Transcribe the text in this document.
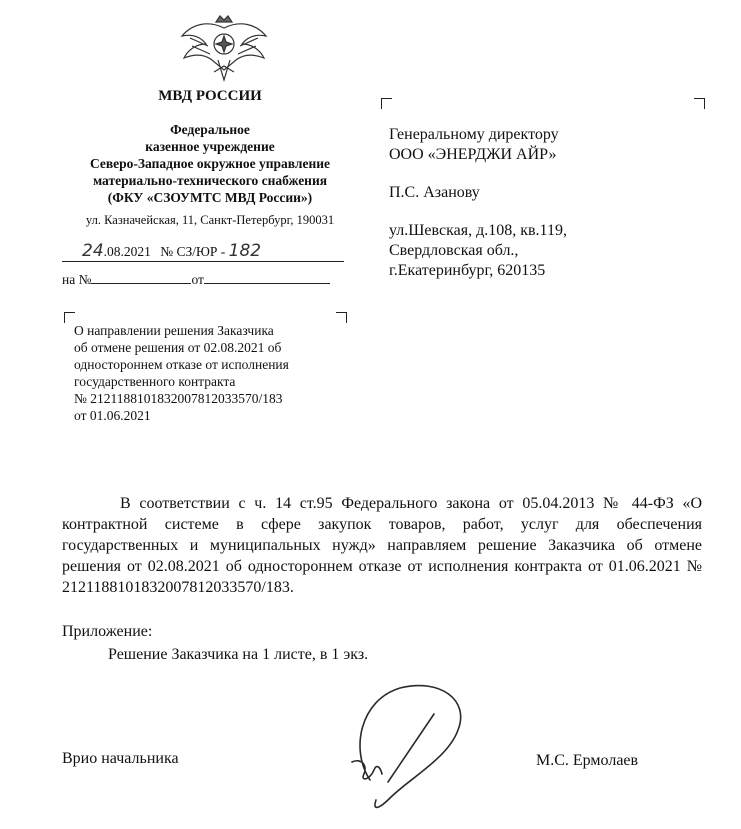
МВД РОССИИ
Федеральное
казенное учреждение
Северо-Западное окружное управление
материально-технического снабжения
(ФКУ «СЗОУМТС МВД России»)
ул. Казначейская, 11, Санкт-Петербург, 190031
24.08.2021 № СЗ/ЮР - 182
на №	от
О направлении решения Заказчика
об отмене решения от 02.08.2021 об
одностороннем отказе от исполнения
государственного контракта
№ 2121188101832007812033570/183
от 01.06.2021
Генеральному директору
ООО «ЭНЕРДЖИ АЙР»
П.С. Азанову
ул.Шевская, д.108, кв.119,
Свердловская обл.,
г.Екатеринбург, 620135
В соответствии с ч. 14 ст.95 Федерального закона от 05.04.2013 № 44-ФЗ «О контрактной системе в сфере закупок товаров, работ, услуг для обеспечения государственных и муниципальных нужд» направляем решение Заказчика об отмене решения от 02.08.2021 об одностороннем отказе от исполнения контракта от 01.06.2021 № 2121188101832007812033570/183.
Приложение:
Решение Заказчика на 1 листе, в 1 экз.
Врио начальника	М.С. Ермолаев
